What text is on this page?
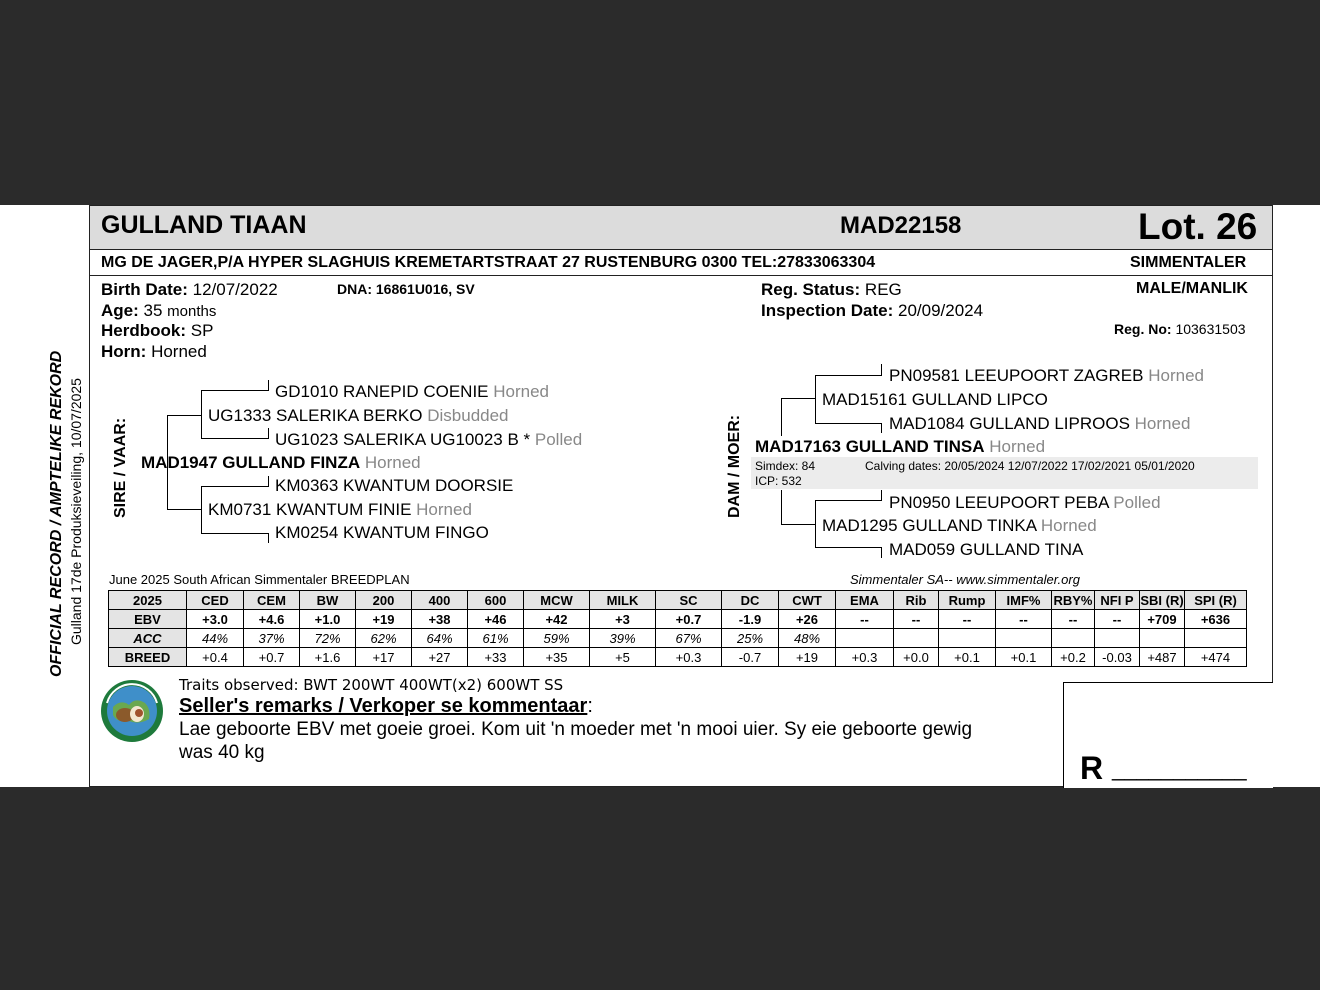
GULLAND TIAAN	MAD22158	Lot. 26
MG DE JAGER,P/A HYPER SLAGHUIS KREMETARTSTRAAT 27 RUSTENBURG 0300 TEL:27833063304	SIMMENTALER
Birth Date: 12/07/2022	DNA: 16861U016, SV
Age: 35 months
Herdbook: SP
Horn: Horned
Reg. Status: REG
Inspection Date: 20/09/2024
MALE/MANLIK
Reg. No: 103631503
OFFICIAL RECORD / AMPTELIKE REKORD Gulland 17de Produksieveiling, 10/07/2025 SIRE / VAAR:
GD1010 RANEPID COENIE Horned
UG1333 SALERIKA BERKO Disbudded
UG1023 SALERIKA UG10023 B * Polled
MAD1947 GULLAND FINZA Horned
KM0363 KWANTUM DOORSIE
KM0731 KWANTUM FINIE Horned
KM0254 KWANTUM FINGO
DAM / MOER:
PN09581 LEEUPOORT ZAGREB Horned
MAD15161 GULLAND LIPCO
MAD1084 GULLAND LIPROOS Horned
MAD17163 GULLAND TINSA Horned
Simdex: 84	Calving dates: 20/05/2024 12/07/2022 17/02/2021 05/01/2020
ICP: 532
PN0950 LEEUPOORT PEBA Polled
MAD1295 GULLAND TINKA Horned
MAD059 GULLAND TINA
June 2025 South African Simmentaler BREEDPLAN	Simmentaler SA-- www.simmentaler.org
2025	CED	CEM	BW	200	400	600	MCW	MILK	SC	DC	CWT	EMA	Rib	Rump	IMF%	RBY%	NFI P	SBI (R)	SPI (R)
EBV	+3.0	+4.6	+1.0	+19	+38	+46	+42	+3	+0.7	-1.9	+26	--	--	--	--	--	--	+709	+636
ACC	44%	37%	72%	62%	64%	61%	59%	39%	67%	25%	48%								
BREED	+0.4	+0.7	+1.6	+17	+27	+33	+35	+5	+0.3	-0.7	+19	+0.3	+0.0	+0.1	+0.1	+0.2	-0.03	+487	+474
Traits observed: BWT 200WT 400WT(x2) 600WT SS
Seller's remarks / Verkoper se kommentaar:
Lae geboorte EBV met goeie groei. Kom uit 'n moeder met 'n mooi uier. Sy eie geboorte gewig
was 40 kg	R ___________
